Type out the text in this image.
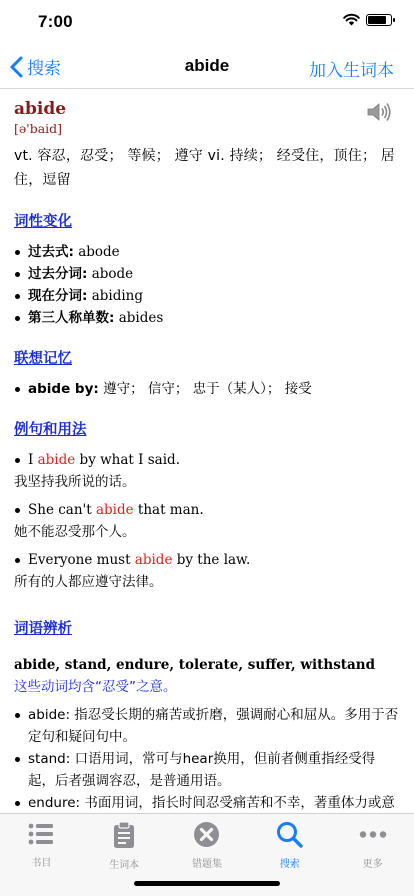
7:00
搜索	abide	加入生词本
abide
[ə'baid]
vt. 容忍，忍受； 等候； 遵守 vi. 持续； 经受住，顶住； 居住，逗留
词性变化
过去式: abode
过去分词: abode
现在分词: abiding
第三人称单数: abides
联想记忆
abide by: 遵守； 信守； 忠于（某人）； 接受
例句和用法
I abide by what I said.
我坚持我所说的话。
She can't abide that man.
她不能忍受那个人。
Everyone must abide by the law.
所有的人都应遵守法律。
词语辨析
abide, stand, endure, tolerate, suffer, withstand
这些动词均含“忍受”之意。
abide: 指忍受长期的痛苦或折磨，强调耐心和屈从。多用于否定句和疑问句中。
stand: 口语用词，常可与hear换用，但前者侧重指经受得起，后者强调容忍，是普通用语。
endure: 书面用词，指长时间忍受痛苦和不幸，著重体力或意
书目	生词本	错题集	搜索	更多
